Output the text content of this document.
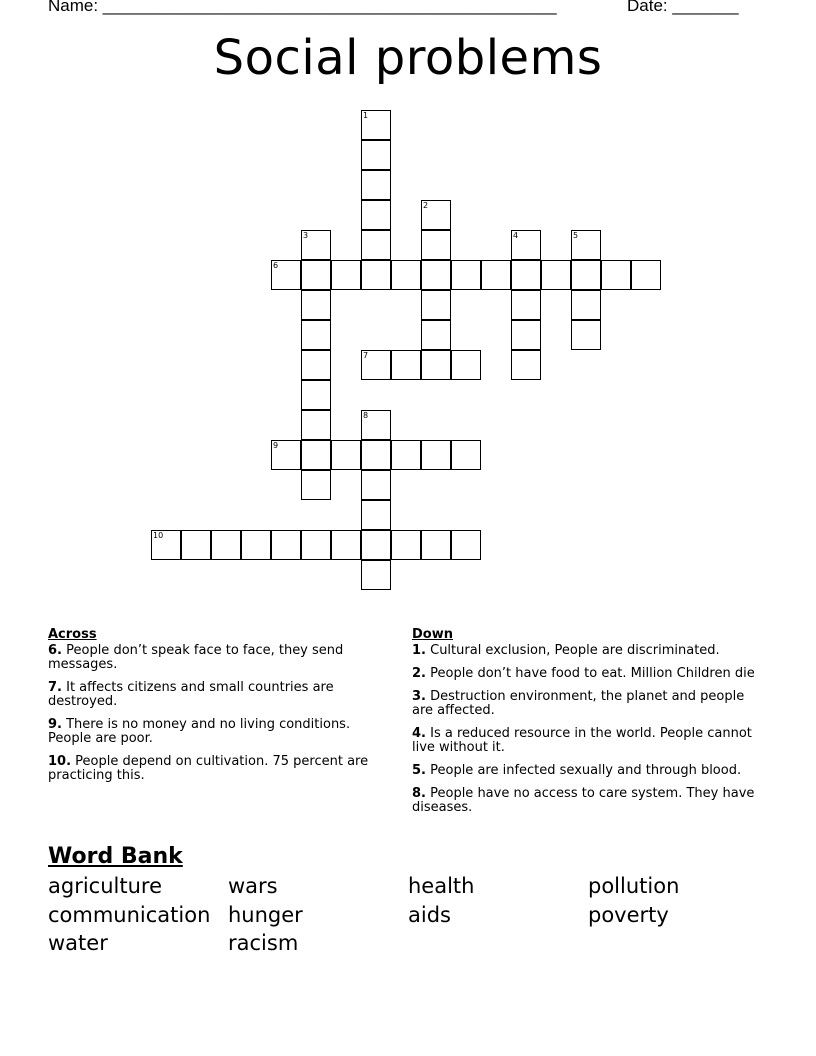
Name: ________________________________________________	Date: _______
Social problems
1
2
3	4	5
6
7
8
9
10
Across
6. People don’t speak face to face, they send messages.
7. It affects citizens and small countries are destroyed.
9. There is no money and no living conditions. People are poor.
10. People depend on cultivation. 75 percent are practicing this.
Down
1. Cultural exclusion, People are discriminated.
2. People don’t have food to eat. Million Children die
3. Destruction environment, the planet and people are affected.
4. Is a reduced resource in the world. People cannot live without it.
5. People are infected sexually and through blood.
8. People have no access to care system. They have diseases.
Word Bank
agriculture	wars	health	pollution
communication hunger	aids	poverty
water	racism
